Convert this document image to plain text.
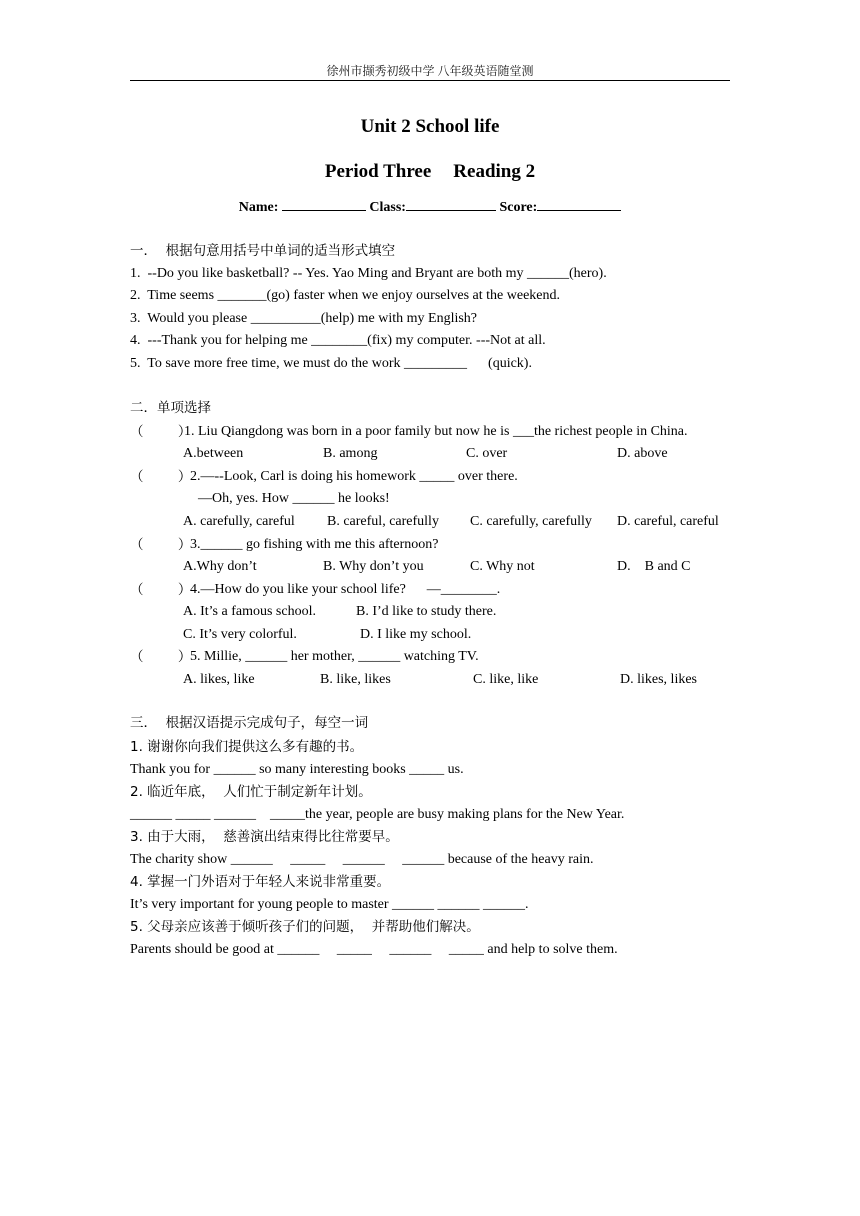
徐州市撷秀初级中学 八年级英语随堂测
Unit 2 School life
Period Three Reading 2
Name:	Class:	Score:
一．  根据句意用括号中单词的适当形式填空
1.  --Do you like basketball? -- Yes. Yao Ming and Bryant are both my ______(hero).
2.  Time seems _______(go) faster when we enjoy ourselves at the weekend.
3.  Would you please __________(help) me with my English?
4.  ---Thank you for helping me ________(fix) my computer. ---Not at all.
5.  To save more free time, we must do the work _________      (quick).
二．单项选择
（        ）
1. Liu Qiangdong was born in a poor family but now he is ___the richest people in China.
A.between	B. among	C. over	D. above
（        ）
2.—--Look, Carl is doing his homework _____ over there.
—Oh, yes. How ______ he looks!
A. carefully, careful B. careful, carefully C. carefully, carefully D. careful, careful
（        ）
3.______ go fishing with me this afternoon?
A.Why don’t	B. Why don’t you	C. Why not	D.    B and C
（        ）
4.—How do you like your school life?      —________.
A. It’s a famous school.	B. I’d like to study there.
C. It’s very colorful.	D. I like my school.
（        ）
5. Millie, ______ her mother, ______ watching TV.
A. likes, like	B. like, likes	C. like, like	D. likes, likes
三．  根据汉语提示完成句子，每空一词
1. 谢谢你向我们提供这么多有趣的书。
Thank you for ______ so many interesting books _____ us.
2. 临近年底，  人们忙于制定新年计划。
______ _____ ______    _____the year, people are busy making plans for the New Year.
3. 由于大雨，  慈善演出结束得比往常要早。
The charity show ______     _____     ______     ______ because of the heavy rain.
4. 掌握一门外语对于年轻人来说非常重要。
It’s very important for young people to master ______ ______ ______.
5. 父母亲应该善于倾听孩子们的问题，  并帮助他们解决。
Parents should be good at ______     _____     ______     _____ and help to solve them.
